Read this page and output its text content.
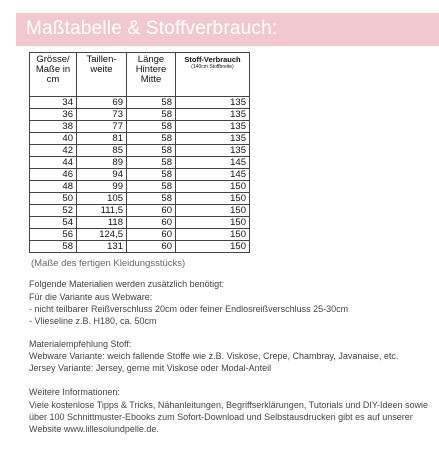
Maßtabelle & Stoffverbrauch:
Grösse/ Maße in cm	Taillen- weite	Länge Hintere Mitte	Stoff-Verbrauch
(140cm Stoffbreite)

34	69	58	135
36	73	58	135
38	77	58	135
40	81	58	135
42	85	58	135
44	89	58	145
46	94	58	145
48	99	58	150
50	105	58	150
52	111,5	60	150
54	118	60	150
56	124,5	60	150
58	131	60	150
(Maße des fertigen Kleidungsstücks)
Folgende Materialien werden zusätzlich benötigt:
Für die Variante aus Webware:
- nicht teilbarer Reißverschluss 20cm oder feiner Endlosreißverschluss 25-30cm
- Vlieseline z.B. H180, ca. 50cm
Materialempfehlung Stoff:
Webware Variante: weich fallende Stoffe wie z.B. Viskose, Crepe, Chambray, Javanaise, etc.
Jersey Variante: Jersey, gerne mit Viskose oder Modal-Anteil
Weitere Informationen:
Viele kostenlose Tipps & Tricks, Nähanleitungen, Begriffserklärungen, Tutorials und DIY-Ideen sowie
über 100 Schnittmuster-Ebooks zum Sofort-Download und Selbstausdrucken gibt es auf unserer
Website www.lillesolundpelle.de.
